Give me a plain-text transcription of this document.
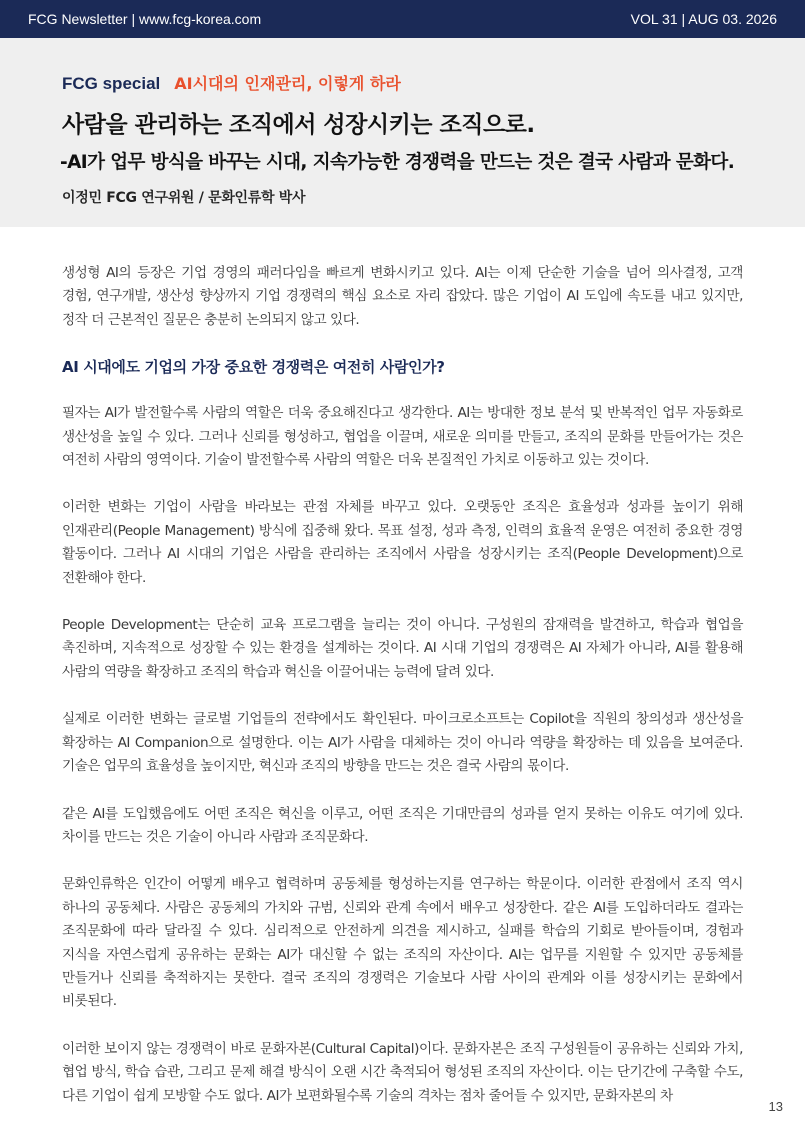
FCG Newsletter | www.fcg-korea.com	VOL 31 | AUG 03. 2026
FCG special AI시대의 인재관리, 이렇게 하라
사람을 관리하는 조직에서 성장시키는 조직으로.
-AI가 업무 방식을 바꾸는 시대, 지속가능한 경쟁력을 만드는 것은 결국 사람과 문화다.
이정민 FCG 연구위원 / 문화인류학 박사

생성형 AI의 등장은 기업 경영의 패러다임을 빠르게 변화시키고 있다. AI는 이제 단순한 기술을 넘어 의사결정, 고객 경험, 연구개발, 생산성 향상까지 기업 경쟁력의 핵심 요소로 자리 잡았다. 많은 기업이 AI 도입에 속도를 내고 있지만, 정작 더 근본적인 질문은 충분히 논의되지 않고 있다.

AI 시대에도 기업의 가장 중요한 경쟁력은 여전히 사람인가?

필자는 AI가 발전할수록 사람의 역할은 더욱 중요해진다고 생각한다. AI는 방대한 정보 분석 및 반복적인 업무 자동화로 생산성을 높일 수 있다. 그러나 신뢰를 형성하고, 협업을 이끌며, 새로운 의미를 만들고, 조직의 문화를 만들어가는 것은 여전히 사람의 영역이다. 기술이 발전할수록 사람의 역할은 더욱 본질적인 가치로 이동하고 있는 것이다.

이러한 변화는 기업이 사람을 바라보는 관점 자체를 바꾸고 있다. 오랫동안 조직은 효율성과 성과를 높이기 위해 인재관리(People Management) 방식에 집중해 왔다. 목표 설정, 성과 측정, 인력의 효율적 운영은 여전히 중요한 경영 활동이다. 그러나 AI 시대의 기업은 사람을 관리하는 조직에서 사람을 성장시키는 조직(People Development)으로 전환해야 한다.

People Development는 단순히 교육 프로그램을 늘리는 것이 아니다. 구성원의 잠재력을 발견하고, 학습과 협업을 촉진하며, 지속적으로 성장할 수 있는 환경을 설계하는 것이다. AI 시대 기업의 경쟁력은 AI 자체가 아니라, AI를 활용해 사람의 역량을 확장하고 조직의 학습과 혁신을 이끌어내는 능력에 달려 있다.

실제로 이러한 변화는 글로벌 기업들의 전략에서도 확인된다. 마이크로소프트는 Copilot을 직원의 창의성과 생산성을 확장하는 AI Companion으로 설명한다. 이는 AI가 사람을 대체하는 것이 아니라 역량을 확장하는 데 있음을 보여준다. 기술은 업무의 효율성을 높이지만, 혁신과 조직의 방향을 만드는 것은 결국 사람의 몫이다.

같은 AI를 도입했음에도 어떤 조직은 혁신을 이루고, 어떤 조직은 기대만큼의 성과를 얻지 못하는 이유도 여기에 있다. 차이를 만드는 것은 기술이 아니라 사람과 조직문화다.

문화인류학은 인간이 어떻게 배우고 협력하며 공동체를 형성하는지를 연구하는 학문이다. 이러한 관점에서 조직 역시 하나의 공동체다. 사람은 공동체의 가치와 규범, 신뢰와 관계 속에서 배우고 성장한다. 같은 AI를 도입하더라도 결과는 조직문화에 따라 달라질 수 있다. 심리적으로 안전하게 의견을 제시하고, 실패를 학습의 기회로 받아들이며, 경험과 지식을 자연스럽게 공유하는 문화는 AI가 대신할 수 없는 조직의 자산이다. AI는 업무를 지원할 수 있지만 공동체를 만들거나 신뢰를 축적하지는 못한다. 결국 조직의 경쟁력은 기술보다 사람 사이의 관계와 이를 성장시키는 문화에서 비롯된다.

이러한 보이지 않는 경쟁력이 바로 문화자본(Cultural Capital)이다. 문화자본은 조직 구성원들이 공유하는 신뢰와 가치, 협업 방식, 학습 습관, 그리고 문제 해결 방식이 오랜 시간 축적되어 형성된 조직의 자산이다. 이는 단기간에 구축할 수도, 다른 기업이 쉽게 모방할 수도 없다. AI가 보편화될수록 기술의 격차는 점차 줄어들 수 있지만, 문화자본의 차

13
